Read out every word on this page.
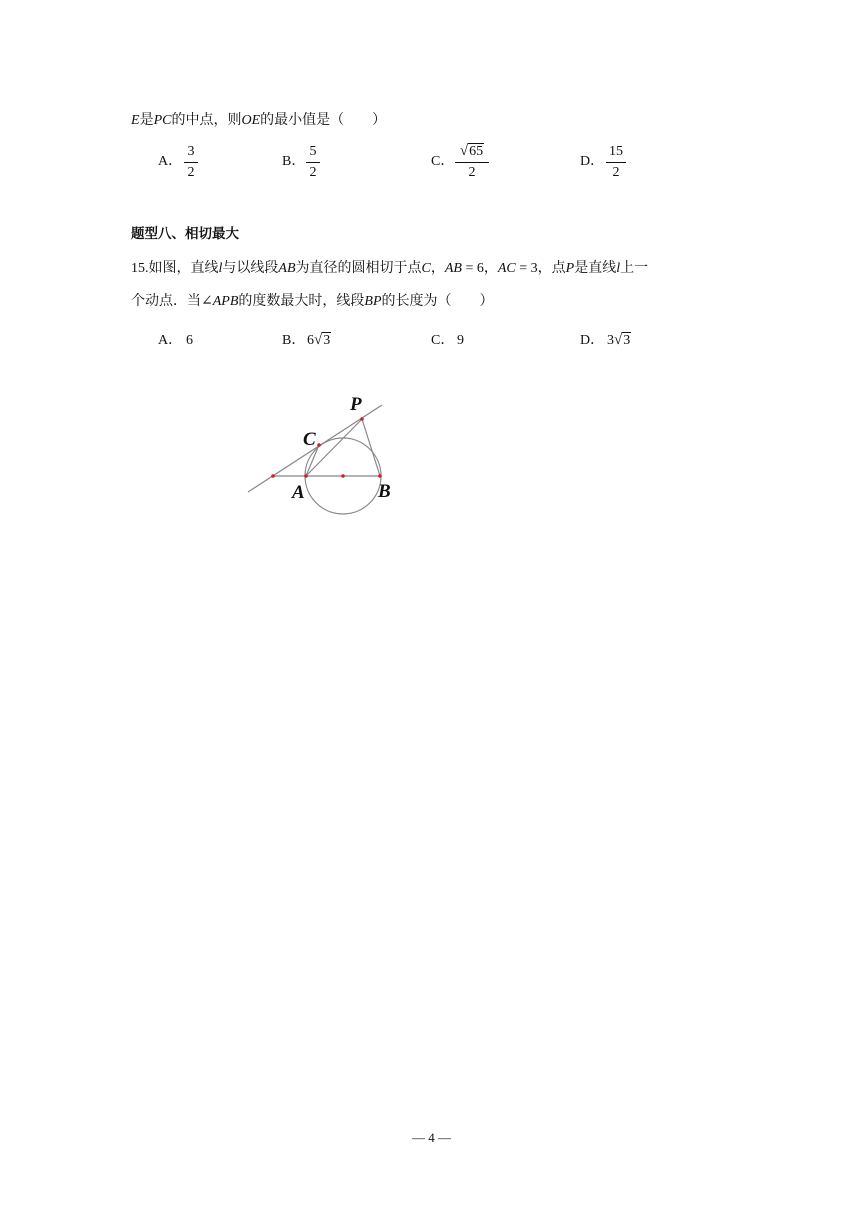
E是PC的中点，则OE的最小值是（　　）
A．
3
2
B．
5
2
C．
√65
2
D．
15
2
题型八、相切最大
15.如图，直线l与以线段AB为直径的圆相切于点C，AB = 6，AC = 3，点P是直线l上一
个动点．当∠APB的度数最大时，线段BP的长度为（　　）
A． 6	B． 6√3	C． 9	D． 3√3
P
C
A	B
— 4 —
